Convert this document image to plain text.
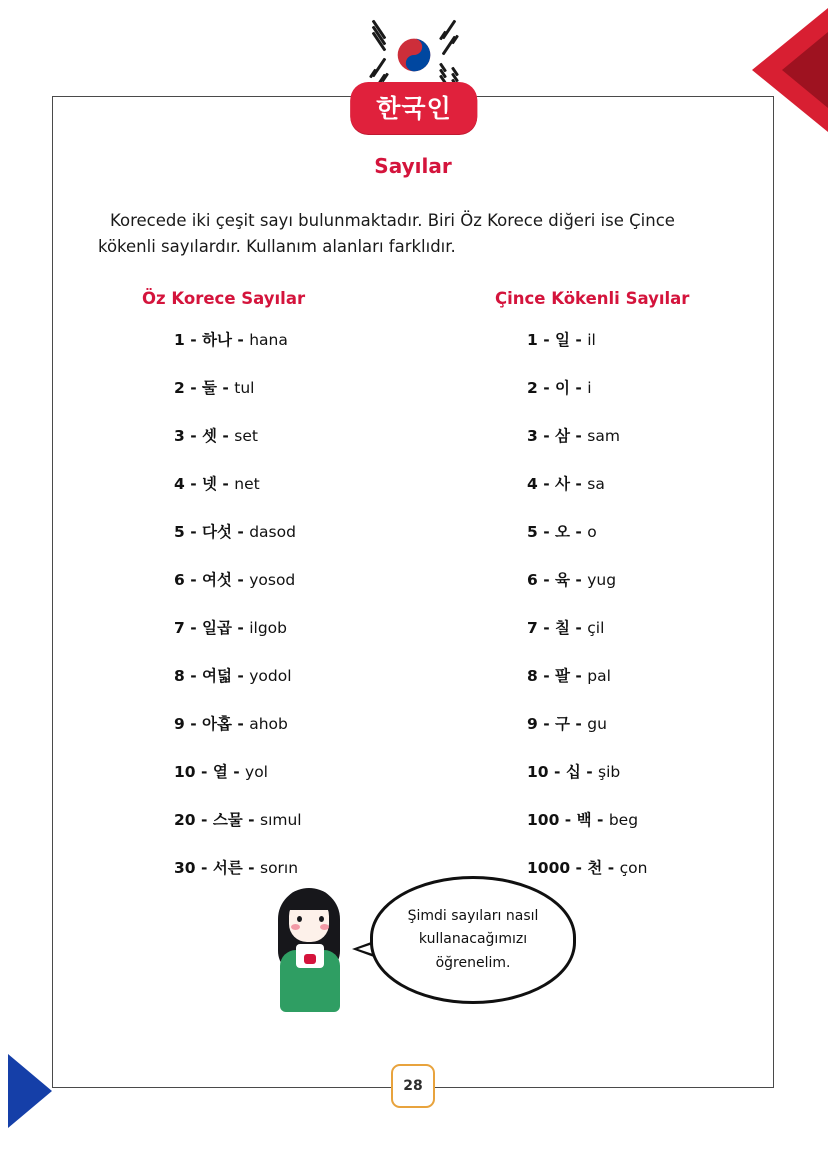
한국인
Sayılar

Korecede iki çeşit sayı bulunmaktadır. Biri Öz Korece diğeri ise Çince kökenli sayılardır. Kullanım alanları farklıdır.

Öz Korece Sayılar
1 - 하나 - hana
2 - 둘 - tul
3 - 셋 - set
4 - 넷 - net
5 - 다섯 - dasod
6 - 여섯 - yosod
7 - 일곱 - ilgob
8 - 여덟 - yodol
9 - 아홉 - ahob
10 - 열 - yol
20 - 스물 - sımul
30 - 서른 - sorın
Çince Kökenli Sayılar
1 - 일 - il
2 - 이 - i
3 - 삼 - sam
4 - 사 - sa
5 - 오 - o
6 - 육 - yug
7 - 칠 - çil
8 - 팔 - pal
9 - 구 - gu
10 - 십 - şib
100 - 백 - beg
1000 - 천 - çon
Şimdi sayıları nasıl kullanacağımızı öğrenelim.
28
